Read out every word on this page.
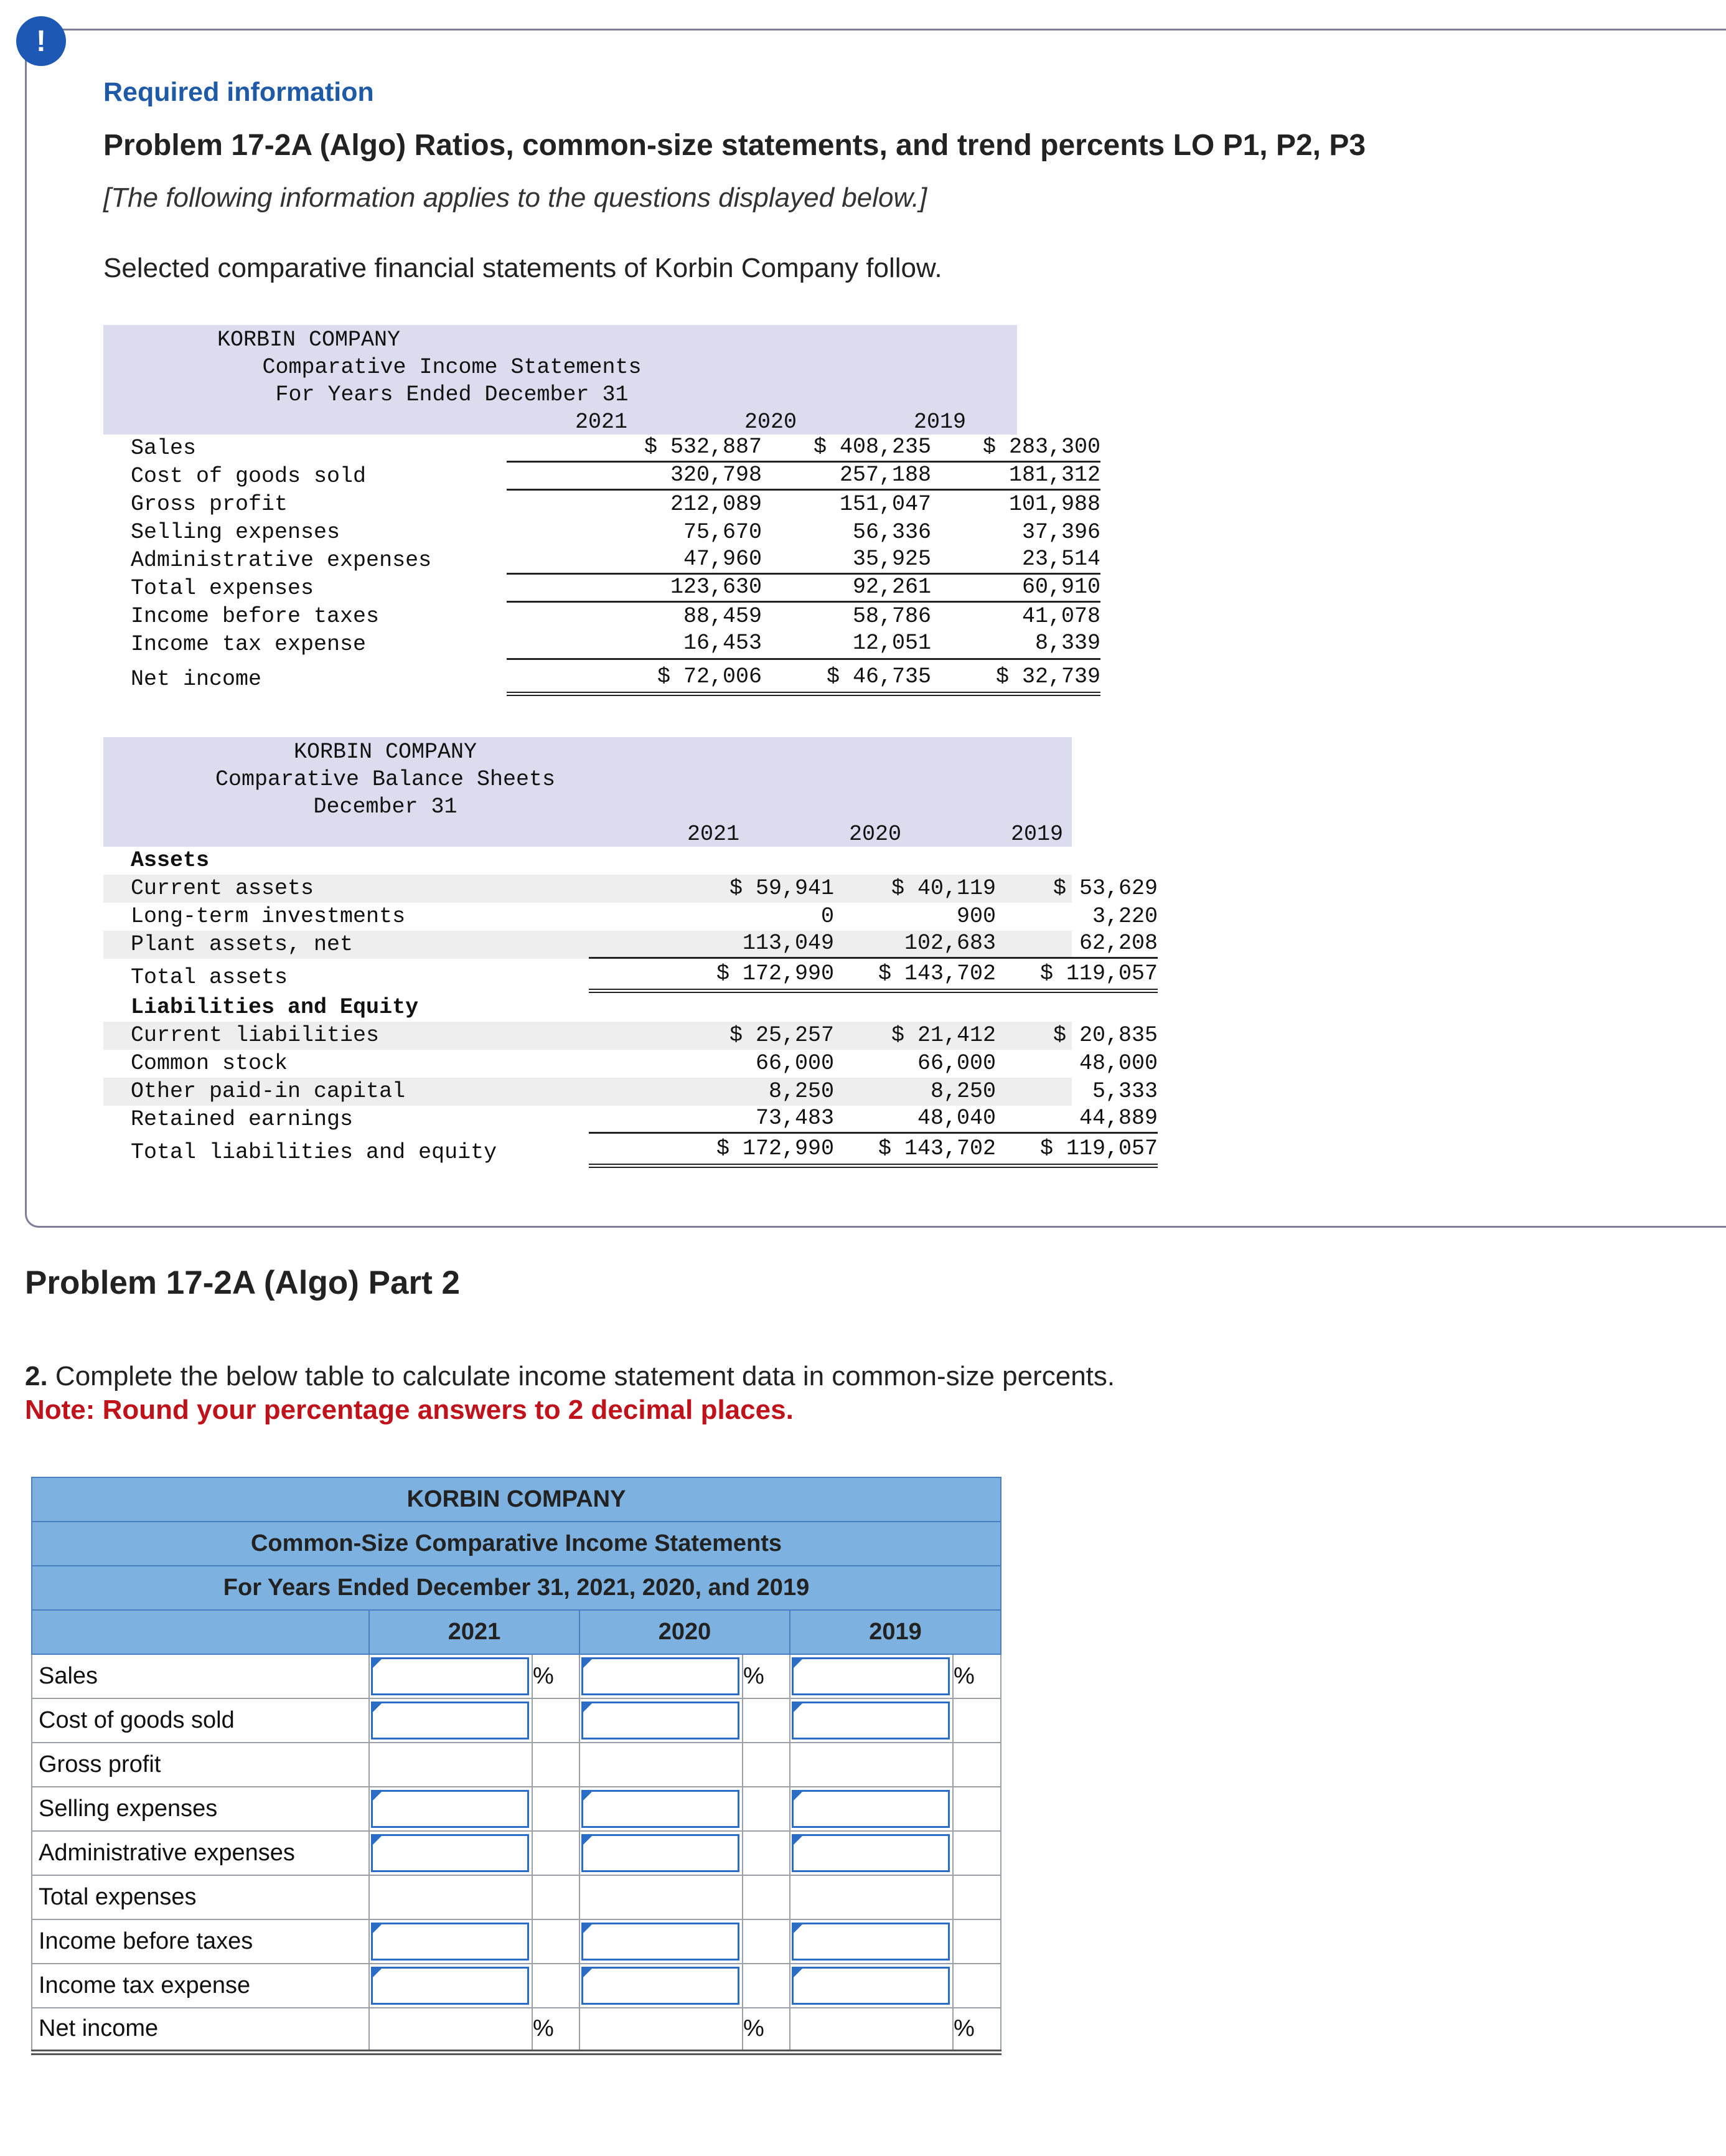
!
Required information
Problem 17-2A (Algo) Ratios, common-size statements, and trend percents LO P1, P2, P3
[The following information applies to the questions displayed below.]
Selected comparative financial statements of Korbin Company follow.
KORBIN COMPANY
Comparative Income Statements
For Years Ended December 31
2021	2020	2019
Sales	$ 532,887	$ 408,235	$ 283,300
Cost of goods sold	320,798	257,188	181,312
Gross profit	212,089	151,047	101,988
Selling expenses	75,670	56,336	37,396
Administrative expenses	47,960	35,925	23,514
Total expenses	123,630	92,261	60,910
Income before taxes	88,459	58,786	41,078
Income tax expense	16,453	12,051	8,339
Net income	$ 72,006	$ 46,735	$ 32,739
KORBIN COMPANY
Comparative Balance Sheets
December 31
2021	2020	2019
Assets
Current assets	$ 59,941	$ 40,119	$ 53,629
Long-term investments	0	900	3,220
Plant assets, net	113,049	102,683	62,208
Total assets	$ 172,990	$ 143,702	$ 119,057
Liabilities and Equity
Current liabilities	$ 25,257	$ 21,412	$ 20,835
Common stock	66,000	66,000	48,000
Other paid-in capital	8,250	8,250	5,333
Retained earnings	73,483	48,040	44,889
Total liabilities and equity	$ 172,990	$ 143,702	$ 119,057
Problem 17-2A (Algo) Part 2
2. Complete the below table to calculate income statement data in common-size percents.
Note: Round your percentage answers to 2 decimal places.
KORBIN COMPANY						
Common-Size Comparative Income Statements						
For Years Ended December 31, 2021, 2020, and 2019						
	2021		2020		2019	
Sales		%		%		%
Cost of goods sold	

Gross profit						
Selling expenses	

Administrative expenses	

Total expenses						
Income before taxes	

Income tax expense	

Net income		%		%		%
